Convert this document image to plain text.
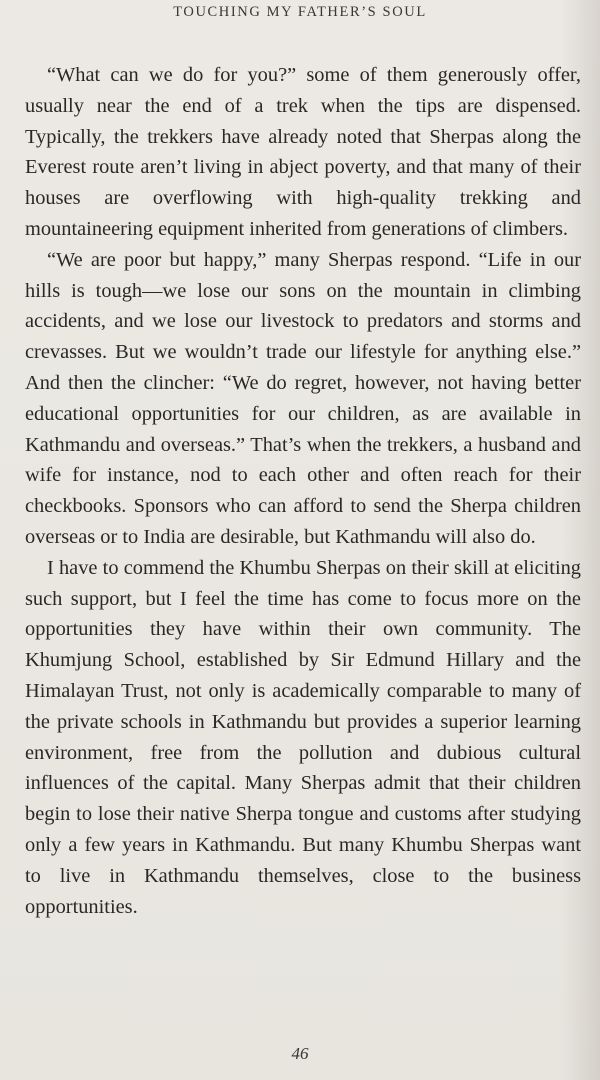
TOUCHING MY FATHER’S SOUL

“What can we do for you?” some of them generously offer, usually near the end of a trek when the tips are dispensed. Typically, the trekkers have already noted that Sherpas along the Everest route aren’t living in abject poverty, and that many of their houses are overflowing with high-quality trekking and mountaineering equipment inherited from generations of climbers.

“We are poor but happy,” many Sherpas respond. “Life in our hills is tough—we lose our sons on the mountain in climbing accidents, and we lose our livestock to predators and storms and crevasses. But we wouldn’t trade our lifestyle for anything else.” And then the clincher: “We do regret, however, not having better educational opportunities for our children, as are available in Kathmandu and overseas.” That’s when the trekkers, a husband and wife for instance, nod to each other and often reach for their checkbooks. Sponsors who can afford to send the Sherpa children overseas or to India are desirable, but Kathmandu will also do.

I have to commend the Khumbu Sherpas on their skill at eliciting such support, but I feel the time has come to focus more on the opportunities they have within their own community. The Khumjung School, established by Sir Edmund Hillary and the Himalayan Trust, not only is academically comparable to many of the private schools in Kathmandu but provides a superior learning environment, free from the pollution and dubious cultural influences of the capital. Many Sherpas admit that their children begin to lose their native Sherpa tongue and customs after studying only a few years in Kathmandu. But many Khumbu Sherpas want to live in Kathmandu themselves, close to the business opportunities.

46
